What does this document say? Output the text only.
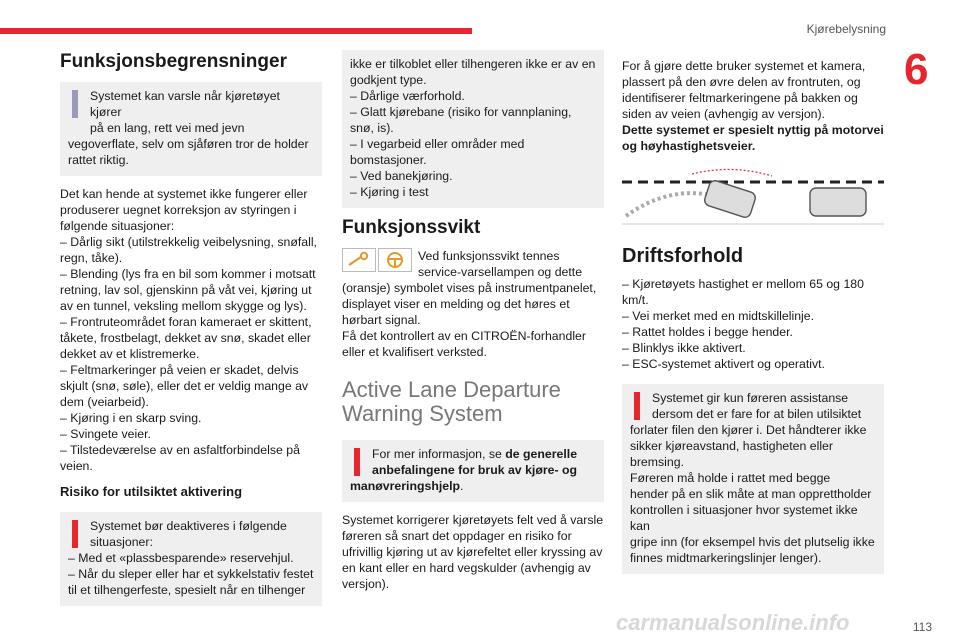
Kjørebelysning
6
Funksjonsbegrensninger
Systemet kan varsle når kjøretøyet kjører
på en lang, rett vei med jevn
vegoverflate, selv om sjåføren tror de holder
rattet riktig.
Det kan hende at systemet ikke fungerer eller
produserer uegnet korreksjon av styringen i
følgende situasjoner:
– Dårlig sikt (utilstrekkelig veibelysning, snøfall,
regn, tåke).
– Blending (lys fra en bil som kommer i motsatt
retning, lav sol, gjenskinn på våt vei, kjøring ut
av en tunnel, veksling mellom skygge og lys).
– Frontruteområdet foran kameraet er skittent,
tåkete, frostbelagt, dekket av snø, skadet eller
dekket av et klistremerke.
– Feltmarkeringer på veien er skadet, delvis
skjult (snø, søle), eller det er veldig mange av
dem (veiarbeid).
– Kjøring i en skarp sving.
– Svingete veier.
– Tilstedeværelse av en asfaltforbindelse på
veien.
Risiko for utilsiktet aktivering
Systemet bør deaktiveres i følgende
situasjoner:
– Med et «plassbesparende» reservehjul.
– Når du sleper eller har et sykkelstativ festet
til et tilhengerfeste, spesielt når en tilhenger
ikke er tilkoblet eller tilhengeren ikke er av en
godkjent type.
– Dårlige værforhold.
– Glatt kjørebane (risiko for vannplaning,
snø, is).
– I vegarbeid eller områder med
bomstasjoner.
– Ved banekjøring.
– Kjøring i test
Funksjonssvikt
Ved funksjonssvikt tennes
service-varsellampen og dette
(oransje) symbolet vises på instrumentpanelet,
displayet viser en melding og det høres et
hørbart signal.
Få det kontrollert av en CITROËN-forhandler
eller et kvalifisert verksted.
Active Lane Departure
Warning System
For mer informasjon, se de generelle
anbefalingene for bruk av kjøre- og
manøvreringshjelp.
Systemet korrigerer kjøretøyets felt ved å varsle
føreren så snart det oppdager en risiko for
ufrivillig kjøring ut av kjørefeltet eller kryssing av
en kant eller en hard vegskulder (avhengig av
versjon).
For å gjøre dette bruker systemet et kamera,
plassert på den øvre delen av frontruten, og
identifiserer feltmarkeringene på bakken og
siden av veien (avhengig av versjon).
Dette systemet er spesielt nyttig på motorvei
og høyhastighetsveier.
Driftsforhold
– Kjøretøyets hastighet er mellom 65 og 180
km/t.
– Vei merket med en midtskillelinje.
– Rattet holdes i begge hender.
– Blinklys ikke aktivert.
– ESC-systemet aktivert og operativt.
Systemet gir kun føreren assistanse
dersom det er fare for at bilen utilsiktet
forlater filen den kjører i. Det håndterer ikke
sikker kjøreavstand, hastigheten eller
bremsing.
Føreren må holde i rattet med begge
hender på en slik måte at man opprettholder
kontrollen i situasjoner hvor systemet ikke kan
gripe inn (for eksempel hvis det plutselig ikke
finnes midtmarkeringslinjer lenger).
carmanualsonline.info	113
